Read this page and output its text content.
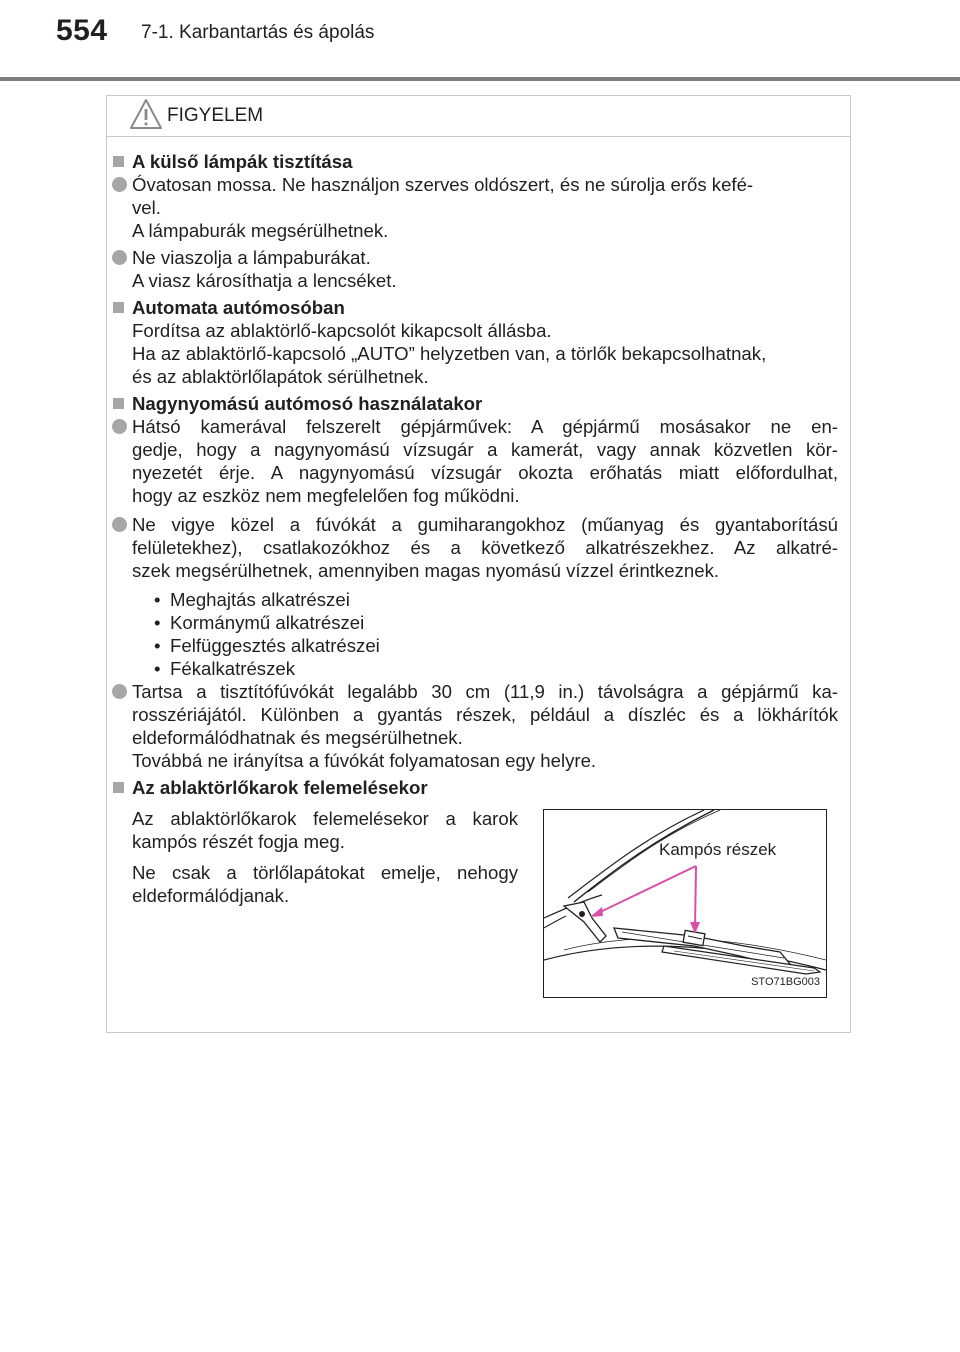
554 7-1. Karbantartás és ápolás
FIGYELEM
A külső lámpák tisztítása
Óvatosan mossa. Ne használjon szerves oldószert, és ne súrolja erős kefé-
vel.
A lámpaburák megsérülhetnek.
Ne viaszolja a lámpaburákat.
A viasz károsíthatja a lencséket.
Automata autómosóban
Fordítsa az ablaktörlő-kapcsolót kikapcsolt állásba.
Ha az ablaktörlő-kapcsoló „AUTO” helyzetben van, a törlők bekapcsolhatnak,
és az ablaktörlőlapátok sérülhetnek.
Nagynyomású autómosó használatakor
Hátsó kamerával felszerelt gépjárművek: A gépjármű mosásakor ne en-
gedje, hogy a nagynyomású vízsugár a kamerát, vagy annak közvetlen kör-
nyezetét érje. A nagynyomású vízsugár okozta erőhatás miatt előfordulhat,
hogy az eszköz nem megfelelően fog működni.
Ne vigye közel a fúvókát a gumiharangokhoz (műanyag és gyantaborítású
felületekhez), csatlakozókhoz és a következő alkatrészekhez. Az alkatré-
szek megsérülhetnek, amennyiben magas nyomású vízzel érintkeznek.
• Meghajtás alkatrészei
• Kormánymű alkatrészei
• Felfüggesztés alkatrészei
• Fékalkatrészek
Tartsa a tisztítófúvókát legalább 30 cm (11,9 in.) távolságra a gépjármű ka-
rosszériájától. Különben a gyantás részek, például a díszléc és a lökhárítók
eldeformálódhatnak és megsérülhetnek.
Továbbá ne irányítsa a fúvókát folyamatosan egy helyre.
Az ablaktörlőkarok felemelésekor
Az ablaktörlőkarok felemelésekor a karok
kampós részét fogja meg.
Ne csak a törlőlapátokat emelje, nehogy
eldeformálódjanak.
Kampós részek
STO71BG003
